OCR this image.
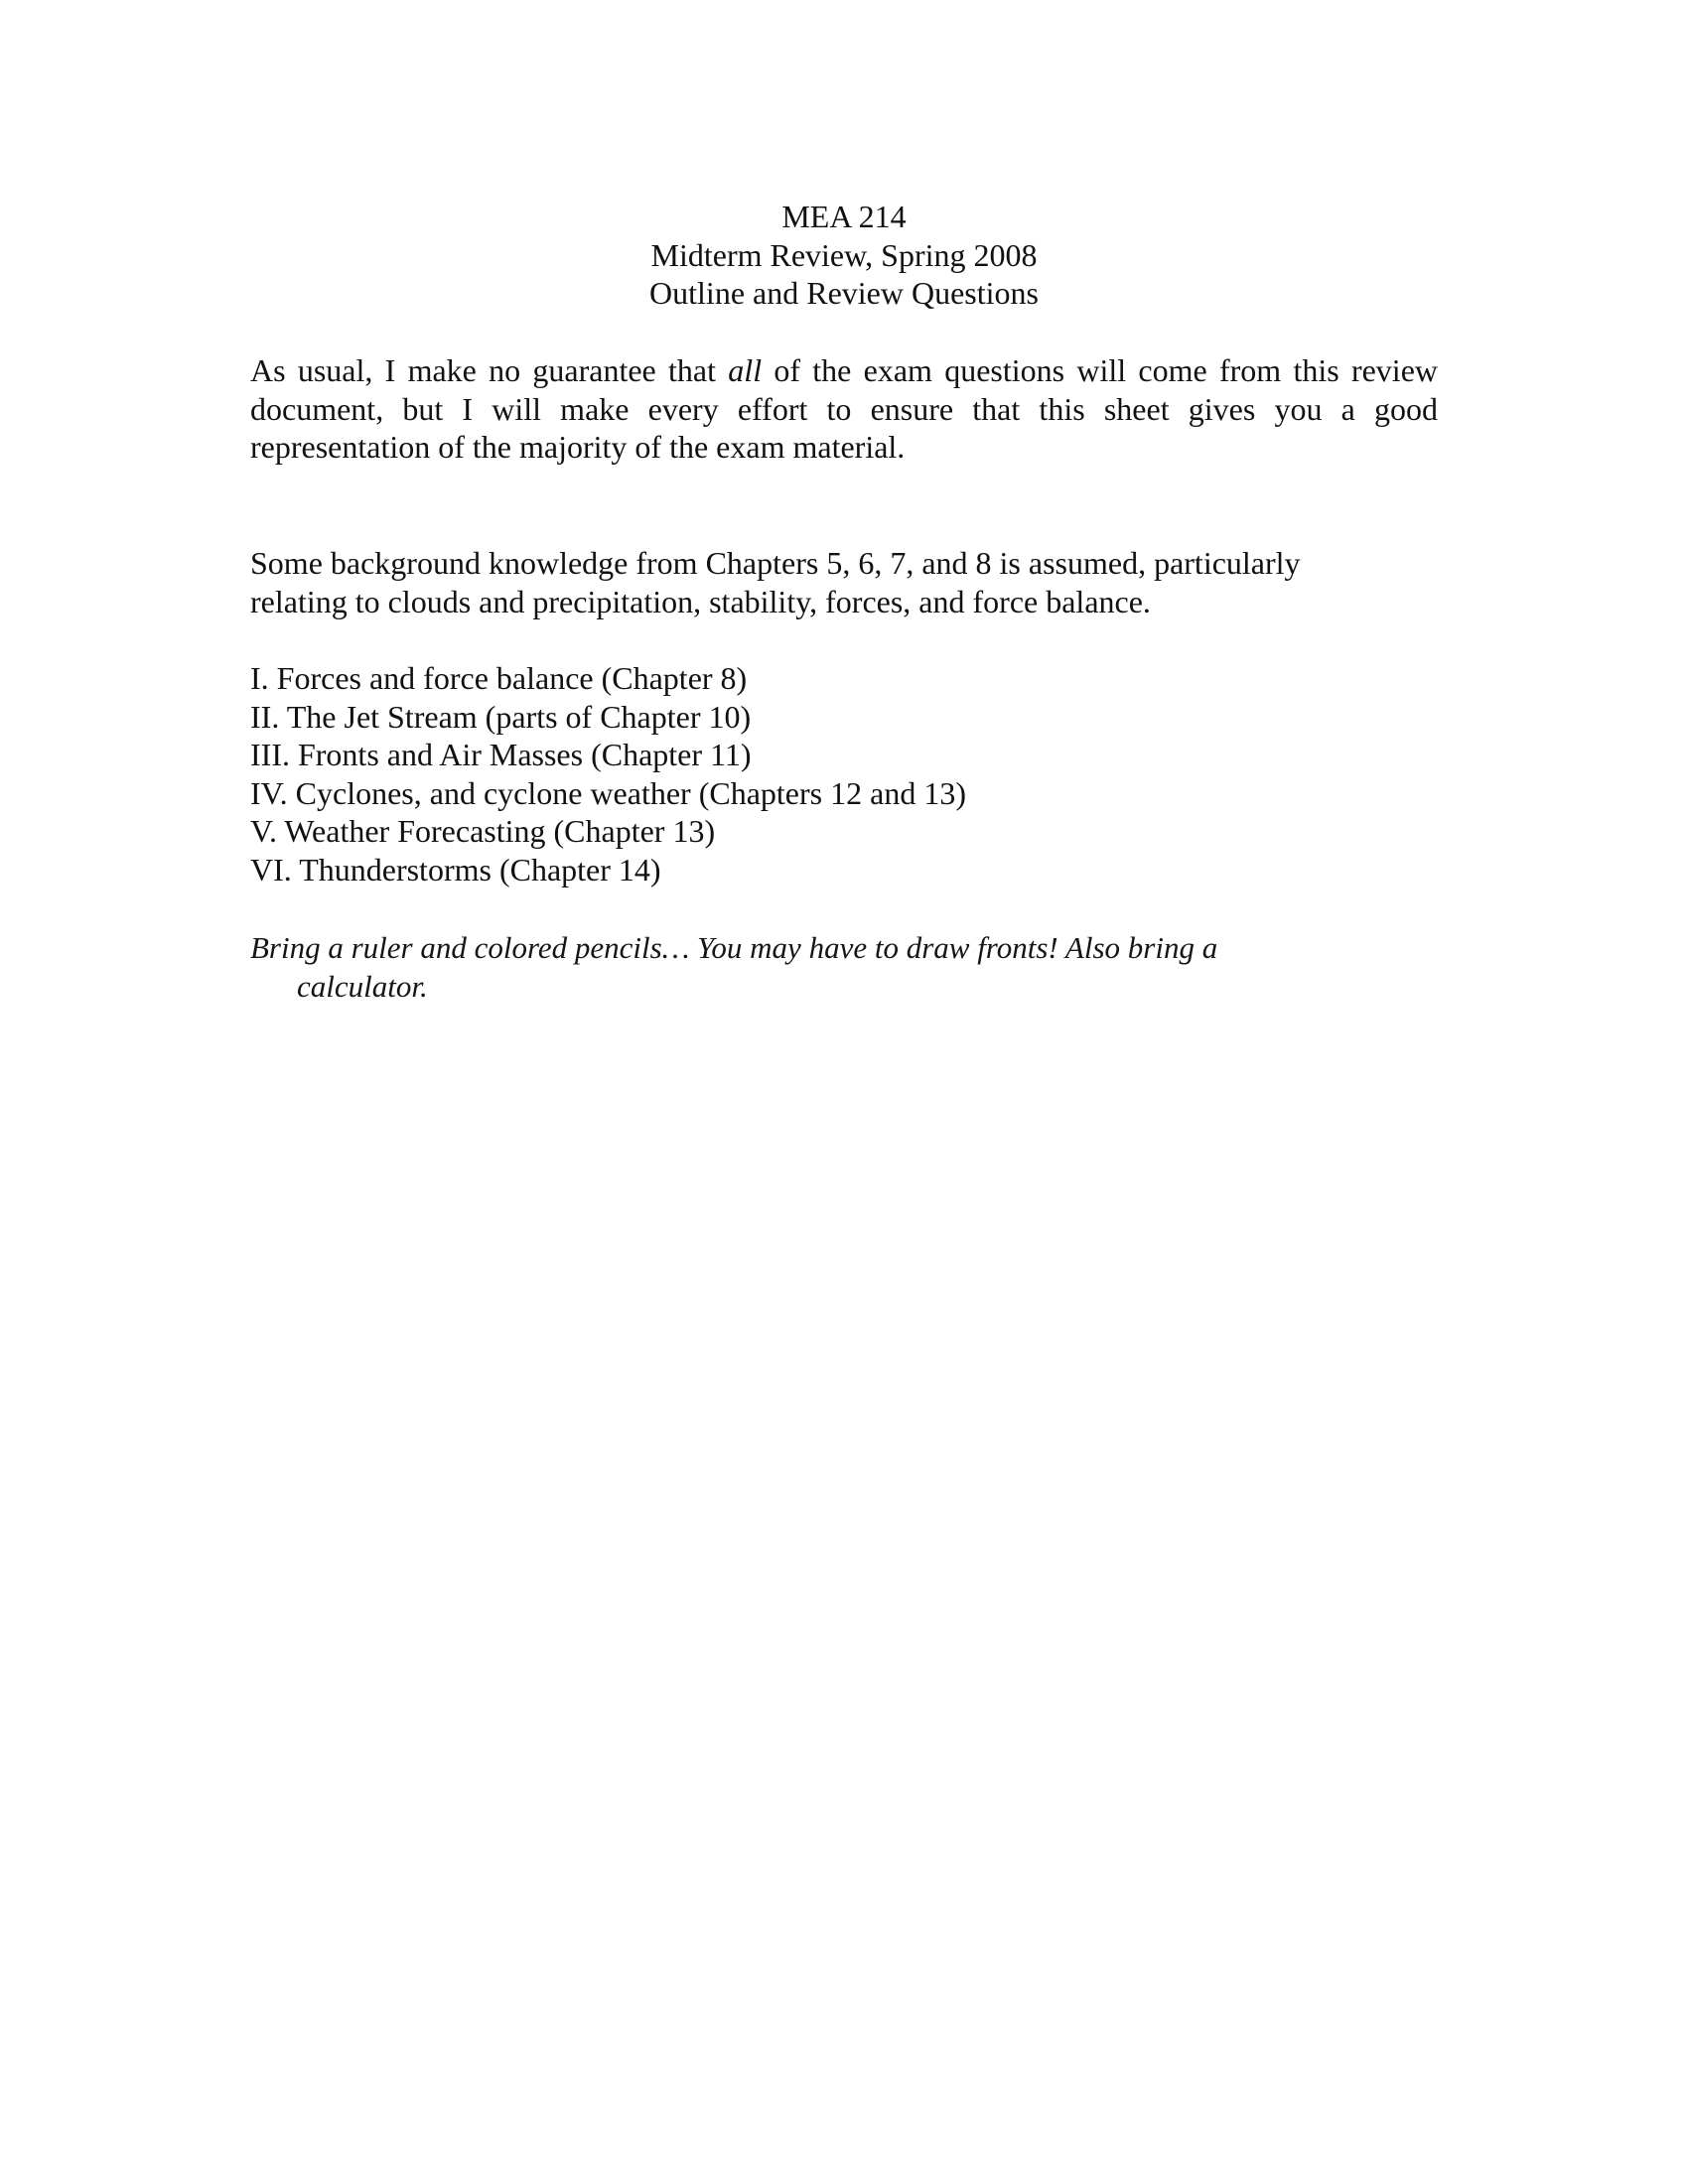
MEA 214
Midterm Review, Spring 2008
Outline and Review Questions
As usual, I make no guarantee that all of the exam questions will come from this review
document, but I will make every effort to ensure that this sheet gives you a good
representation of the majority of the exam material.
Some background knowledge from Chapters 5, 6, 7, and 8 is assumed, particularly
relating to clouds and precipitation, stability, forces, and force balance.
I. Forces and force balance (Chapter 8)
II. The Jet Stream (parts of Chapter 10)
III. Fronts and Air Masses (Chapter 11)
IV. Cyclones, and cyclone weather (Chapters 12 and 13)
V. Weather Forecasting (Chapter 13)
VI. Thunderstorms (Chapter 14)
Bring a ruler and colored pencils… You may have to draw fronts! Also bring a
calculator.
